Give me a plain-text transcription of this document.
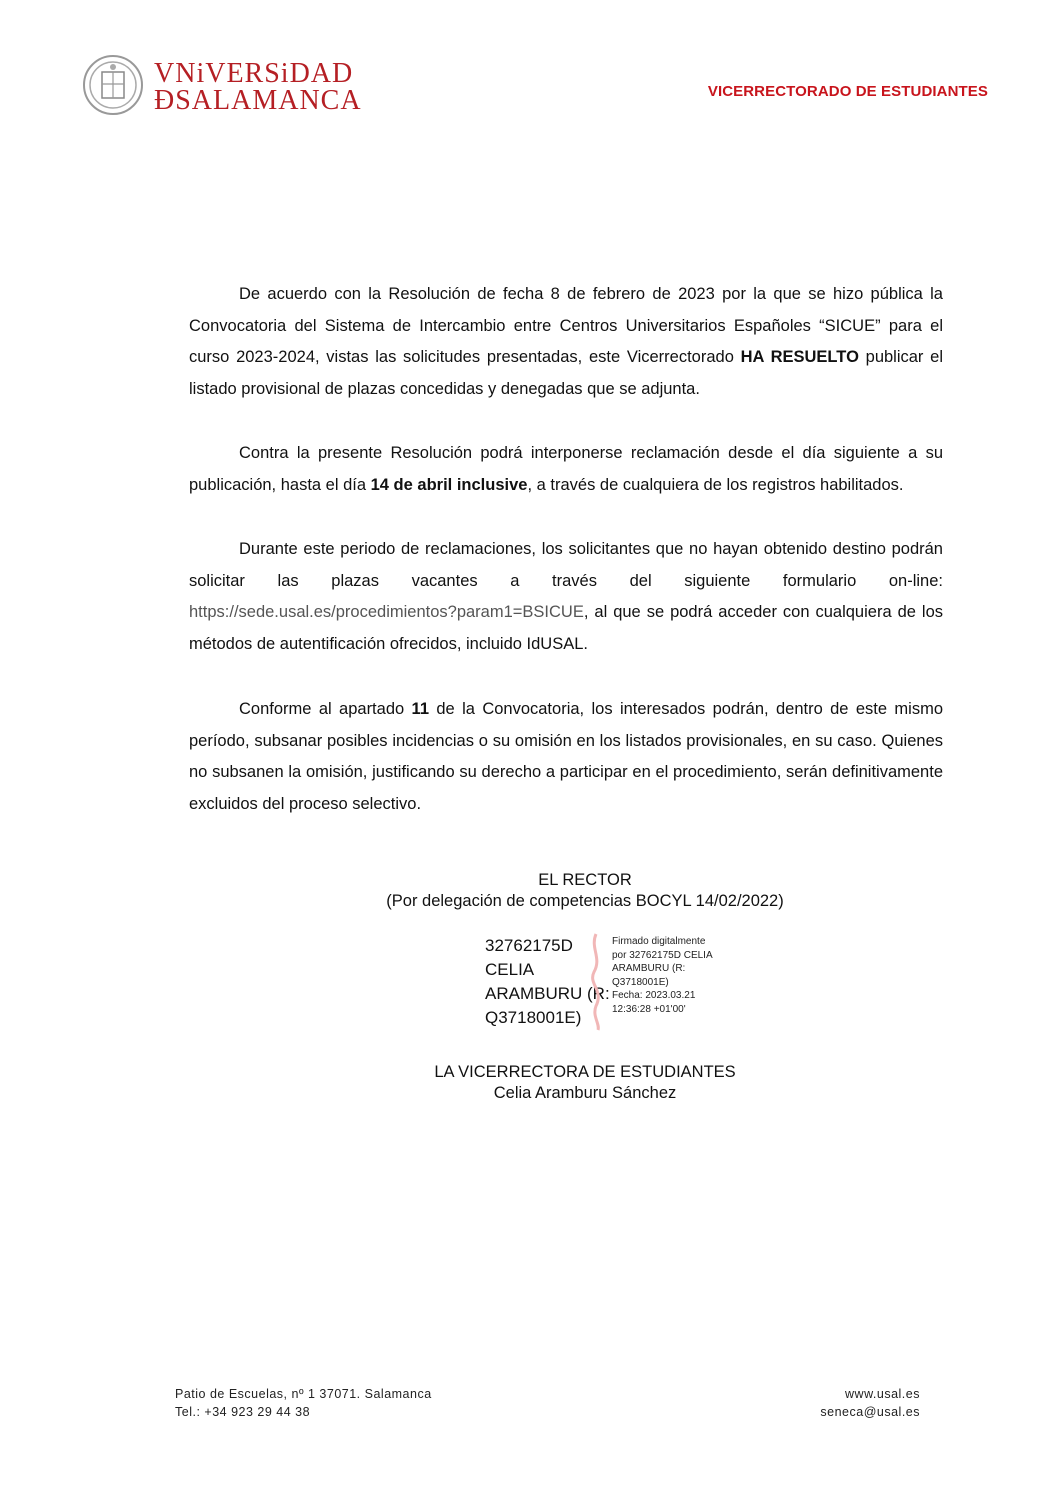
VNiVERSiDAD
ÐSALAMANCA	VICERRECTORADO DE ESTUDIANTES

De acuerdo con la Resolución de fecha 8 de febrero de 2023 por la que se hizo pública la Convocatoria del Sistema de Intercambio entre Centros Universitarios Españoles “SICUE” para el curso 2023-2024, vistas las solicitudes presentadas, este Vicerrectorado HA RESUELTO publicar el listado provisional de plazas concedidas y denegadas que se adjunta.

Contra la presente Resolución podrá interponerse reclamación desde el día siguiente a su publicación, hasta el día 14 de abril inclusive, a través de cualquiera de los registros habilitados.

Durante este periodo de reclamaciones, los solicitantes que no hayan obtenido destino podrán solicitar las plazas vacantes a través del siguiente formulario on-line: https://sede.usal.es/procedimientos?param1=BSICUE, al que se podrá acceder con cualquiera de los métodos de autentificación ofrecidos, incluido IdUSAL.

Conforme al apartado 11 de la Convocatoria, los interesados podrán, dentro de este mismo período, subsanar posibles incidencias o su omisión en los listados provisionales, en su caso. Quienes no subsanen la omisión, justificando su derecho a participar en el procedimiento, serán definitivamente excluidos del proceso selectivo.

EL RECTOR
(Por delegación de competencias BOCYL 14/02/2022)
32762175D
CELIA
ARAMBURU (R:
Q3718001E)
Firmado digitalmente
por 32762175D CELIA
ARAMBURU (R:
Q3718001E)
Fecha: 2023.03.21
12:36:28 +01'00'
LA VICERRECTORA DE ESTUDIANTES
Celia Aramburu Sánchez
Patio de Escuelas, nº 1 37071. Salamanca
Tel.: +34 923 29 44 38
www.usal.es
seneca@usal.es
